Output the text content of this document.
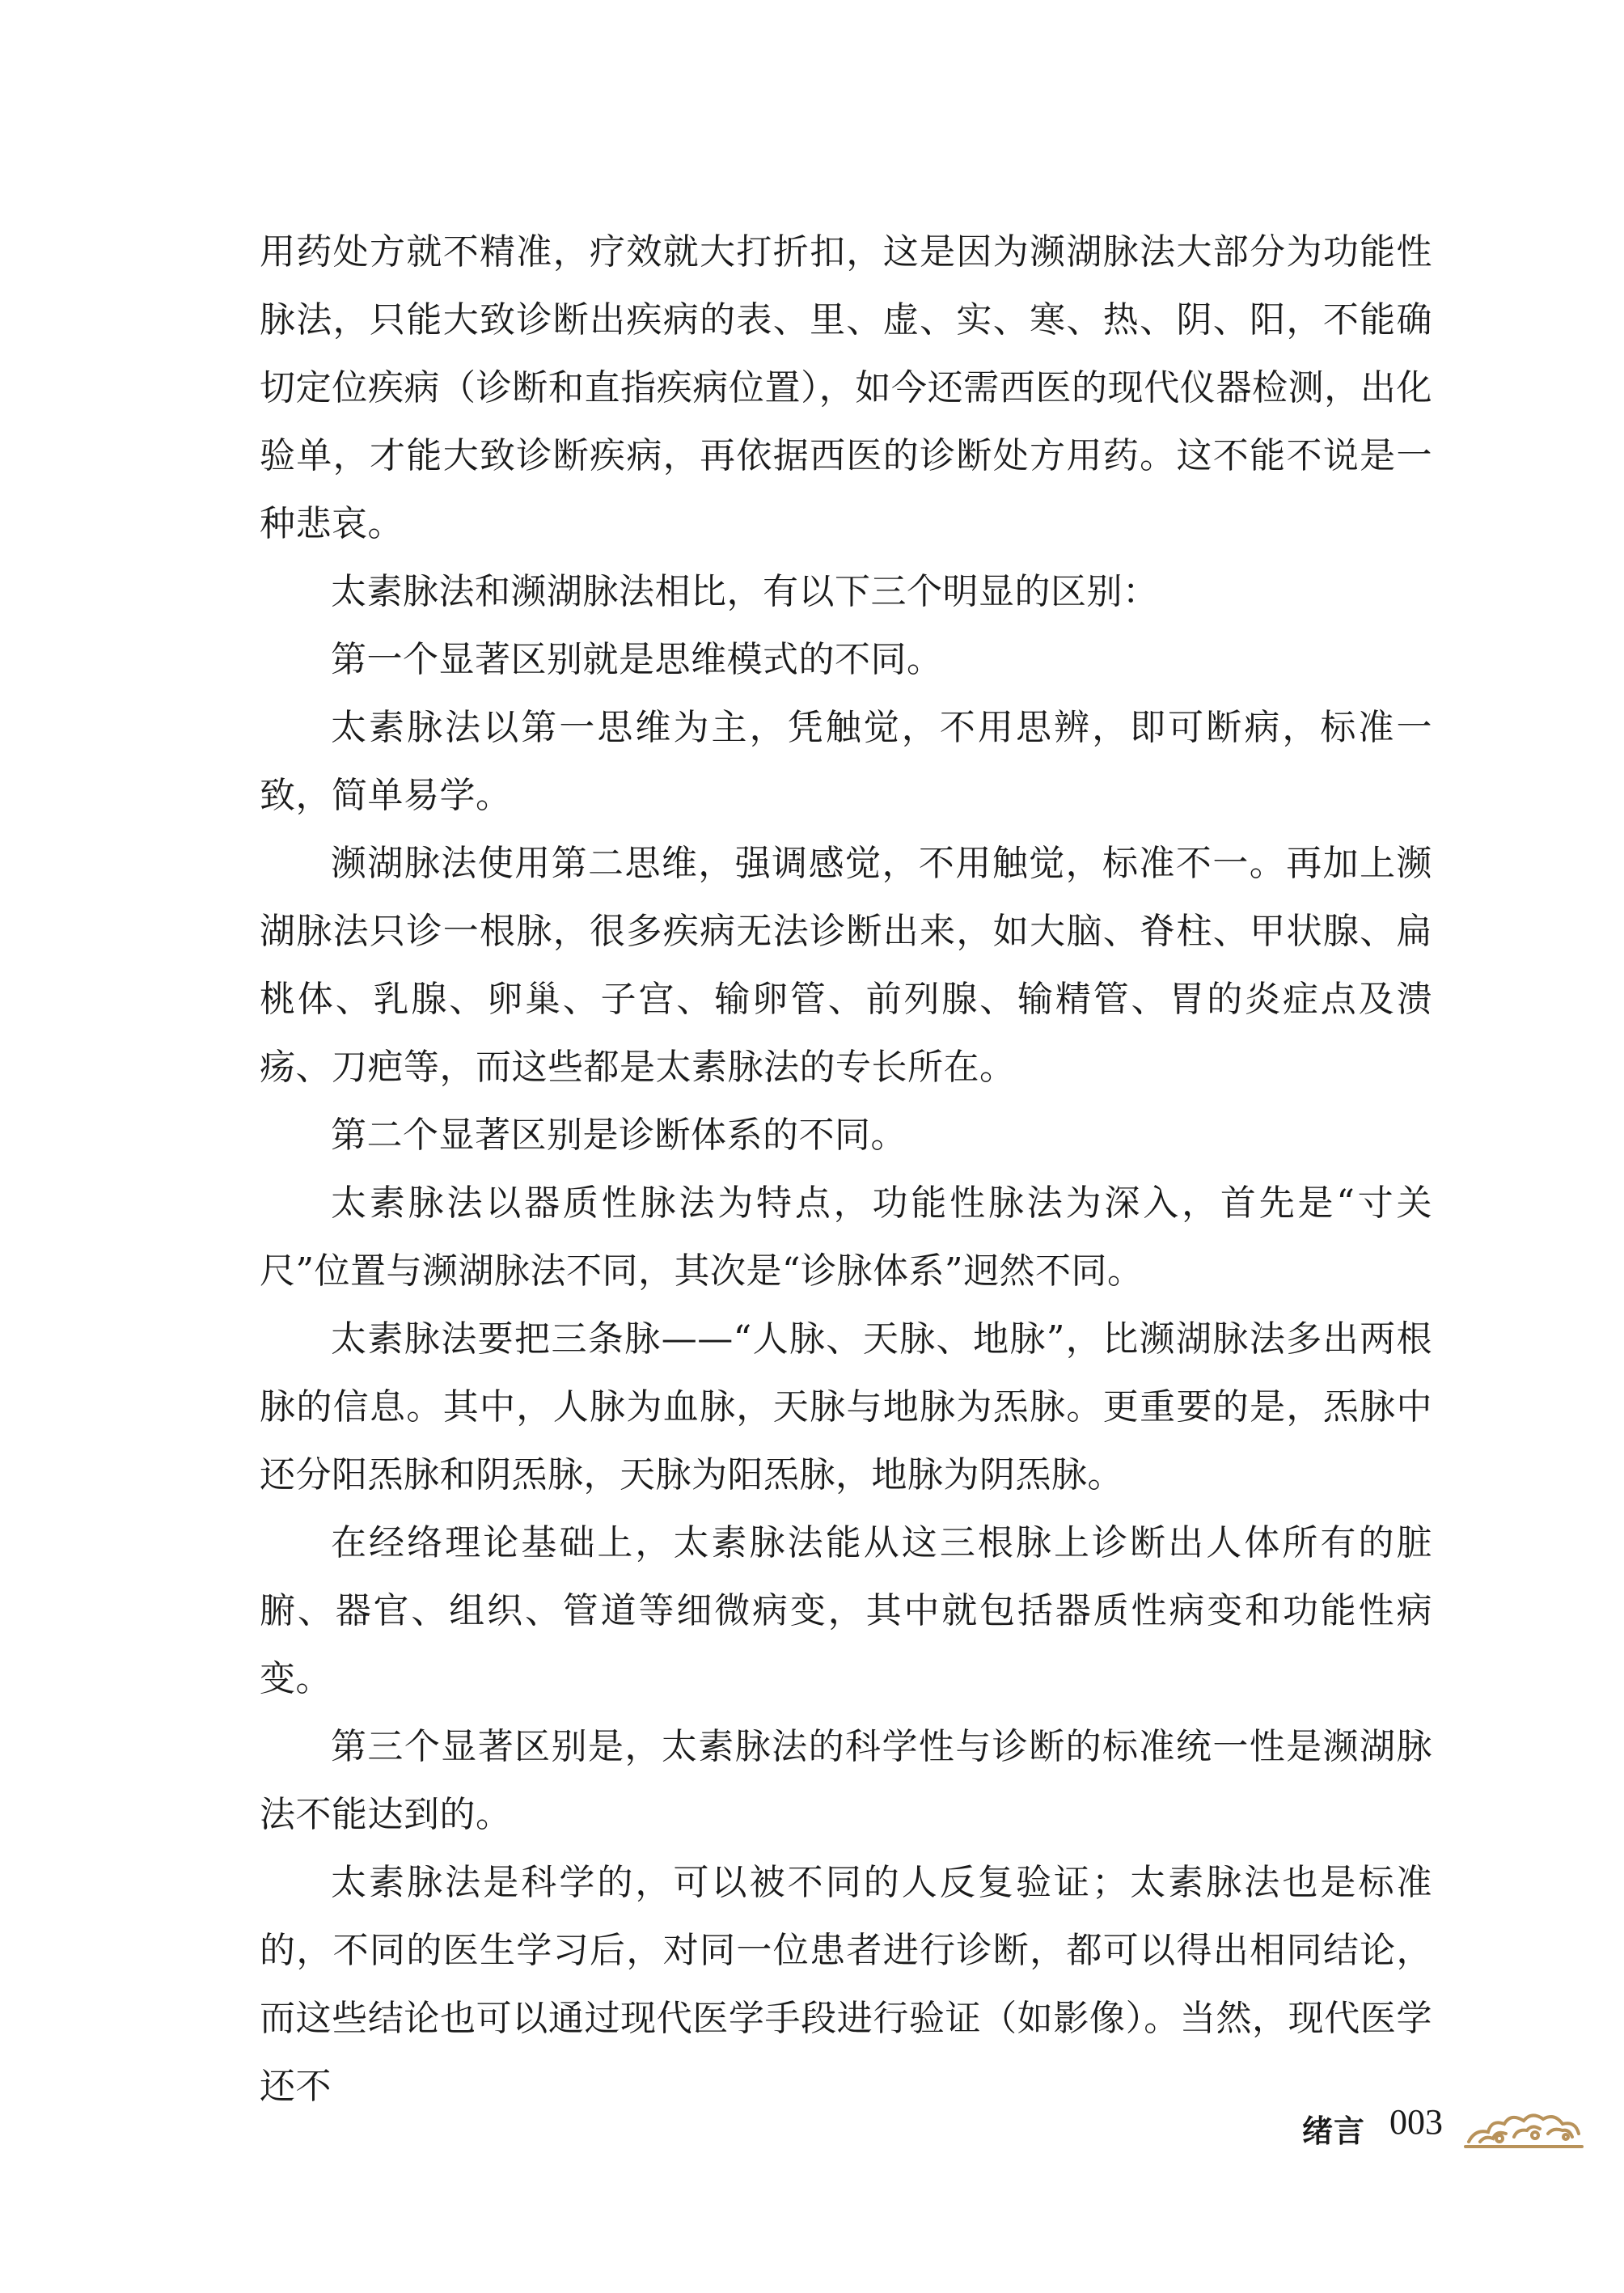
用药处方就不精准，疗效就大打折扣，这是因为濒湖脉法大部分为功能性脉法，只能大致诊断出疾病的表、里、虚、实、寒、热、阴、阳，不能确切定位疾病（诊断和直指疾病位置），如今还需西医的现代仪器检测，出化验单，才能大致诊断疾病，再依据西医的诊断处方用药。这不能不说是一种悲哀。

太素脉法和濒湖脉法相比，有以下三个明显的区别：

第一个显著区别就是思维模式的不同。

太素脉法以第一思维为主，凭触觉，不用思辨，即可断病，标准一致，简单易学。

濒湖脉法使用第二思维，强调感觉，不用触觉，标准不一。再加上濒湖脉法只诊一根脉，很多疾病无法诊断出来，如大脑、脊柱、甲状腺、扁桃体、乳腺、卵巢、子宫、输卵管、前列腺、输精管、胃的炎症点及溃疡、刀疤等，而这些都是太素脉法的专长所在。

第二个显著区别是诊断体系的不同。

太素脉法以器质性脉法为特点，功能性脉法为深入，首先是“寸关尺”位置与濒湖脉法不同，其次是“诊脉体系”迥然不同。

太素脉法要把三条脉——“人脉、天脉、地脉”，比濒湖脉法多出两根脉的信息。其中，人脉为血脉，天脉与地脉为炁脉。更重要的是，炁脉中还分阳炁脉和阴炁脉，天脉为阳炁脉，地脉为阴炁脉。

在经络理论基础上，太素脉法能从这三根脉上诊断出人体所有的脏腑、器官、组织、管道等细微病变，其中就包括器质性病变和功能性病变。

第三个显著区别是，太素脉法的科学性与诊断的标准统一性是濒湖脉法不能达到的。

太素脉法是科学的，可以被不同的人反复验证；太素脉法也是标准的，不同的医生学习后，对同一位患者进行诊断，都可以得出相同结论，而这些结论也可以通过现代医学手段进行验证（如影像）。当然，现代医学还不

绪言 003
